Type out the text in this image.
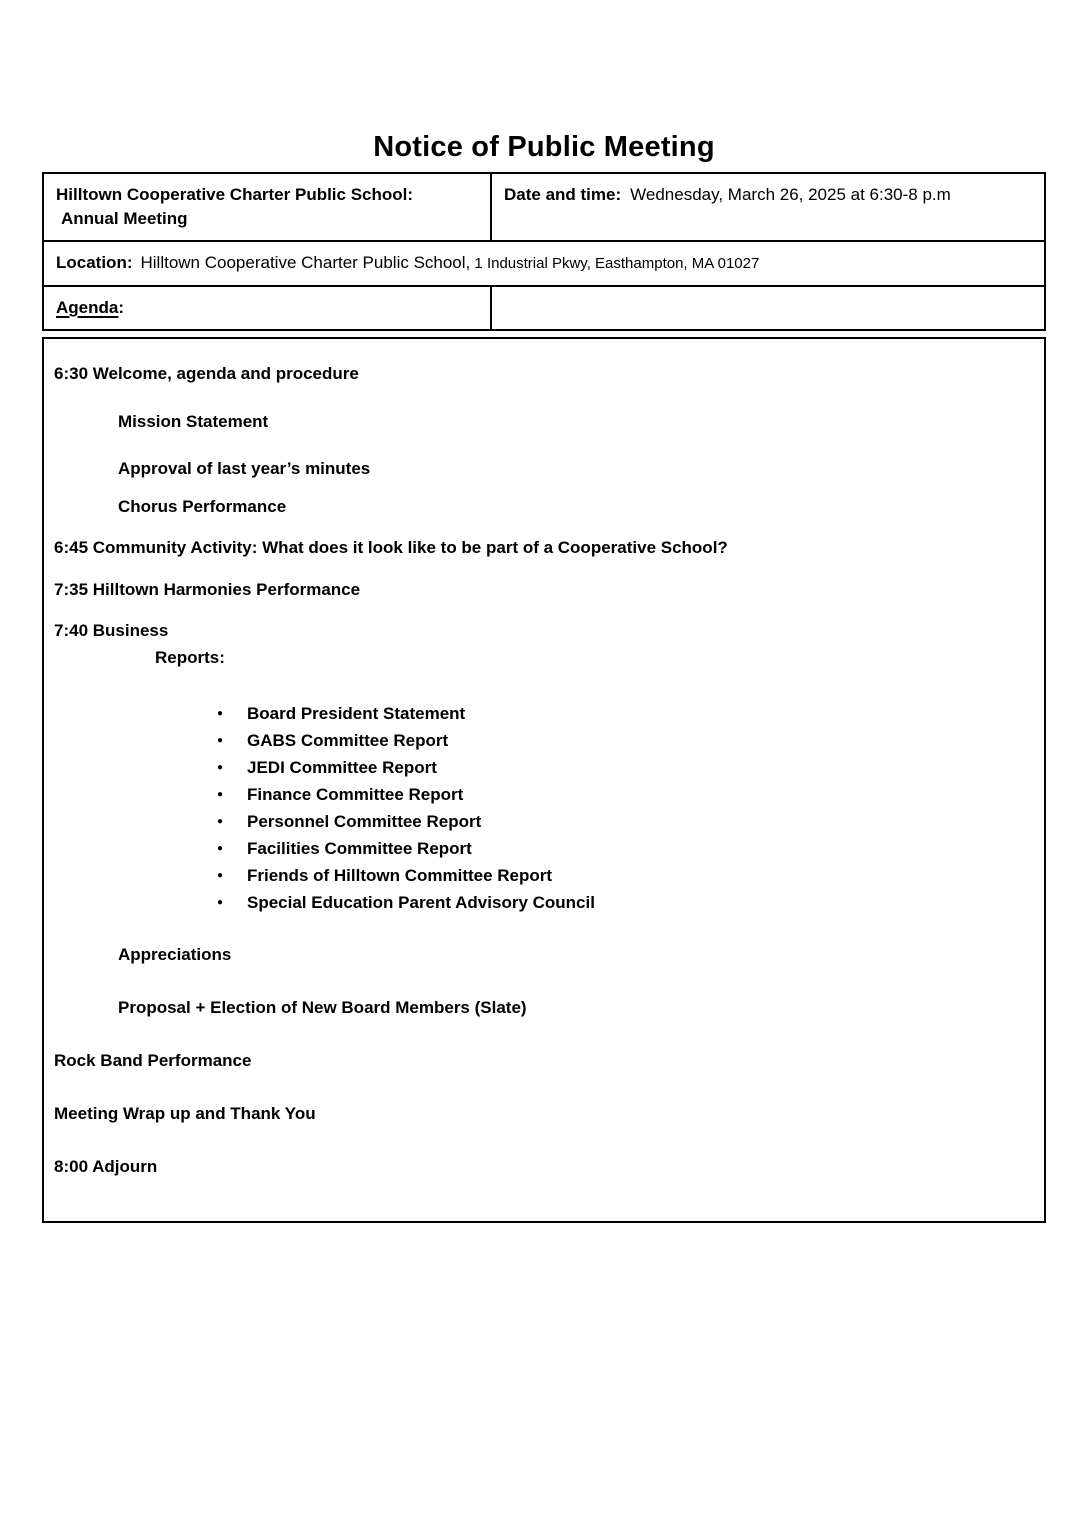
Notice of Public Meeting
Hilltown Cooperative Charter Public School:
Annual Meeting
Date and time: Wednesday, March 26, 2025 at 6:30-8 p.m
Location: Hilltown Cooperative Charter Public School, 1 Industrial Pkwy, Easthampton, MA 01027
Agenda:

6:30 Welcome, agenda and procedure

Mission Statement

Approval of last year’s minutes

Chorus Performance

6:45 Community Activity: What does it look like to be part of a Cooperative School?

7:35 Hilltown Harmonies Performance

7:40 Business

Reports:

●	Board President Statement
●	GABS Committee Report
●	JEDI Committee Report
●	Finance Committee Report
●	Personnel Committee Report
●	Facilities Committee Report
●	Friends of Hilltown Committee Report
●	Special Education Parent Advisory Council

Appreciations

Proposal + Election of New Board Members (Slate)

Rock Band Performance

Meeting Wrap up and Thank You

8:00 Adjourn
